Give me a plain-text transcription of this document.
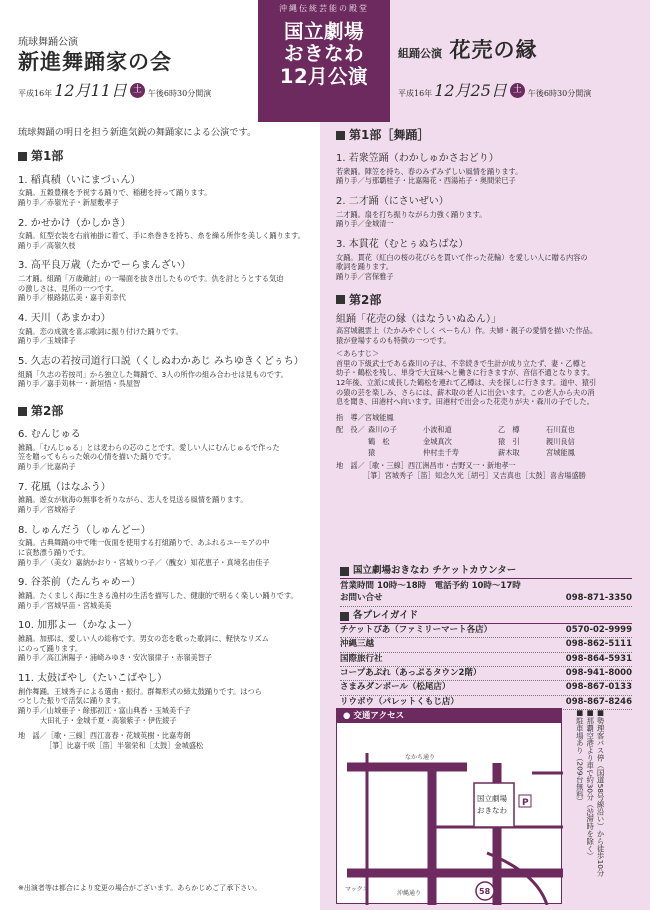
琉球舞踊公演
新進舞踊家の会
平成16年 12月11日 土 午後6時30分開演
沖縄伝統芸能の殿堂
国立劇場
おきなわ
12月公演
組踊公演 花売の縁
平成16年 12月25日 土 午後6時30分開演
琉球舞踊の明日を担う新進気鋭の舞踊家による公演です。
第1部
1. 稲真積（いにまづぃん）

女踊。五穀豊穣を予祝する踊りで、稲穂を持って踊ります。

踊り手／赤嶺光子・新屋敷孝子

2. かせかけ（かしかき）

女踊。紅型衣装を右前袖掛に着て、手に糸巻きを持ち、糸を繰る所作を美しく踊ります。

踊り手／高嶺久枝

3. 高平良万歳（たかでーらまんざい）

二才踊。組踊「万歳敵討」の一場面を抜き出したものです。仇を討とうとする気迫

の激しさは、見所の一つです。

踊り手／根路銘広美・嘉手苅幸代

4. 天川（あまかわ）

女踊。恋の成就を喜ぶ歌詞に振り付けた踊りです。

踊り手／玉城律子

5. 久志の若按司道行口説（くしぬわかあじ みちゆきくどぅち）

組踊「久志の若按司」から独立した舞踊で、3人の所作の組み合わせは見ものです。

踊り手／嘉手苅林一・新垣悟・呉屋智

第2部
6. むんじゅる

雑踊。「むんじゅる」とは麦わらの芯のことです。愛しい人にむんじゅるで作った

笠を贈ってもらった娘の心情を描いた踊りです。

踊り手／比嘉尚子

7. 花風（はなふう）

雑踊。遊女が航海の無事を祈りながら、恋人を見送る風情を踊ります。

踊り手／宮城裕子

8. しゅんだう（しゅんどー）

女踊。古典舞踊の中で唯一仮面を使用する打組踊りで、あふれるユーモアの中

に哀愁漂う踊りです。

踊り手／（美女）嘉納かおり・宮城りつ子／（醜女）知花恵子・真境名由佳子

9. 谷茶前（たんちゃめー）

雑踊。たくましく海に生きる漁村の生活を描写した、健康的で明るく楽しい踊りです。

踊り手／宮城早苗・宮城美美

10. 加那よー（かなよー）

雑踊。加那は、愛しい人の総称です。男女の恋を歌った歌詞に、軽快なリズム

にのって踊ります。

踊り手／高江洲陽子・浦崎みゆき・安次嶺律子・赤嶺美智子

11. 太鼓ばやし（たいこばやし）

創作舞踊。王城秀子による選曲・振付。群舞形式の締太鼓踊りです。はつら

つとした振りで活気に踊ります。

踊り手／山城亜子・餘那初江・富山典香・玉城美千子

大田礼子・金城千夏・高嶺紫子・伊佐綾子

地　謡／［歌・三線］西江喜春・花城英樹・比嘉寿朗
［箏］比嘉千咲［笛］半嶺栄和［太鼓］金城盛松
※出演者等は都合により変更の場合がございます。あらかじめご了承下さい。
第1部［舞踊］
1. 若衆笠踊（わかしゅかさおどり）

若衆踊。陣笠を持ち、春のみずみずしい風情を踊ります。

踊り手／与那覇桂子・比嘉陽花・西湯祐子・奥間栄巳子

2. 二才踊（にさいぜい）

二才踊。扇を打ち振りながら力強く踊ります。

踊り手／金城清一

3. 本貫花（むとぅぬちばな）

女踊。貫花（紅白の桜の花びらを貫いて作った花輪）を愛しい人に贈る内容の

歌詞を踊ります。

踊り手／宮保雅子

第2部
組踊「花売の縁（はなういぬゐん）」
高宮城親雲上（たかみやぐしく ぺーちん）作。夫婦・親子の愛情を描いた作品。
猿が登場するのも特徴の一つです。
＜あらすじ＞
首里の下級武士である森川の子は、不幸続きで生計が成り立たず、妻・乙樽と
幼子・鶴松を残し、単身で大宜味へと働きに行きますが、音信不通となります。
12年後、立派に成長した鶴松を連れて乙樽は、夫を探しに行きます。道中、猿引
の猿の芸を楽しみ、さらには、薪木取の老人に出会います。この老人から夫の消
息を聞き、田港村へ向います。田港村で出会った花売りが夫・森川の子でした。
指　導／宮城能鳳
配　役／ 森川の子	小波和道	乙　樽	石川直也
鶴　松	金城真次	猿　引	親川良信
猿	仲村圭千寿	薪木取	宮城能鳳
地　謡／［歌・三線］西江洲昌市・吉野又一・新地孝一
［箏］宮城秀子［笛］知念久光［胡弓］又吉真也［太鼓］喜舎場盛勝
国立劇場おきなわ チケットカウンター
営業時間 10時〜18時　電話予約 10時〜17時
お問い合せ	098-871-3350
各プレイガイド
チケットぴあ（ファミリーマート各店）	0570-02-9999
沖縄三越	098-862-5111
国際旅行社	098-864-5931
コープあぷれ（あっぷるタウン2階）	098-941-8000
さまみダンボール（松尾店）	098-867-0133
リウボウ（パレットくもじ店）	098-867-8246
● 交通アクセス
国立劇場
おきなわ
P
58
なかち通り
マックス
沖縄通り
■勢理客バス停（国道58号線沿い）から徒歩10分
■那覇空港より車で約30分（渋滞時を除く）
■駐車場あり（209台無料）
